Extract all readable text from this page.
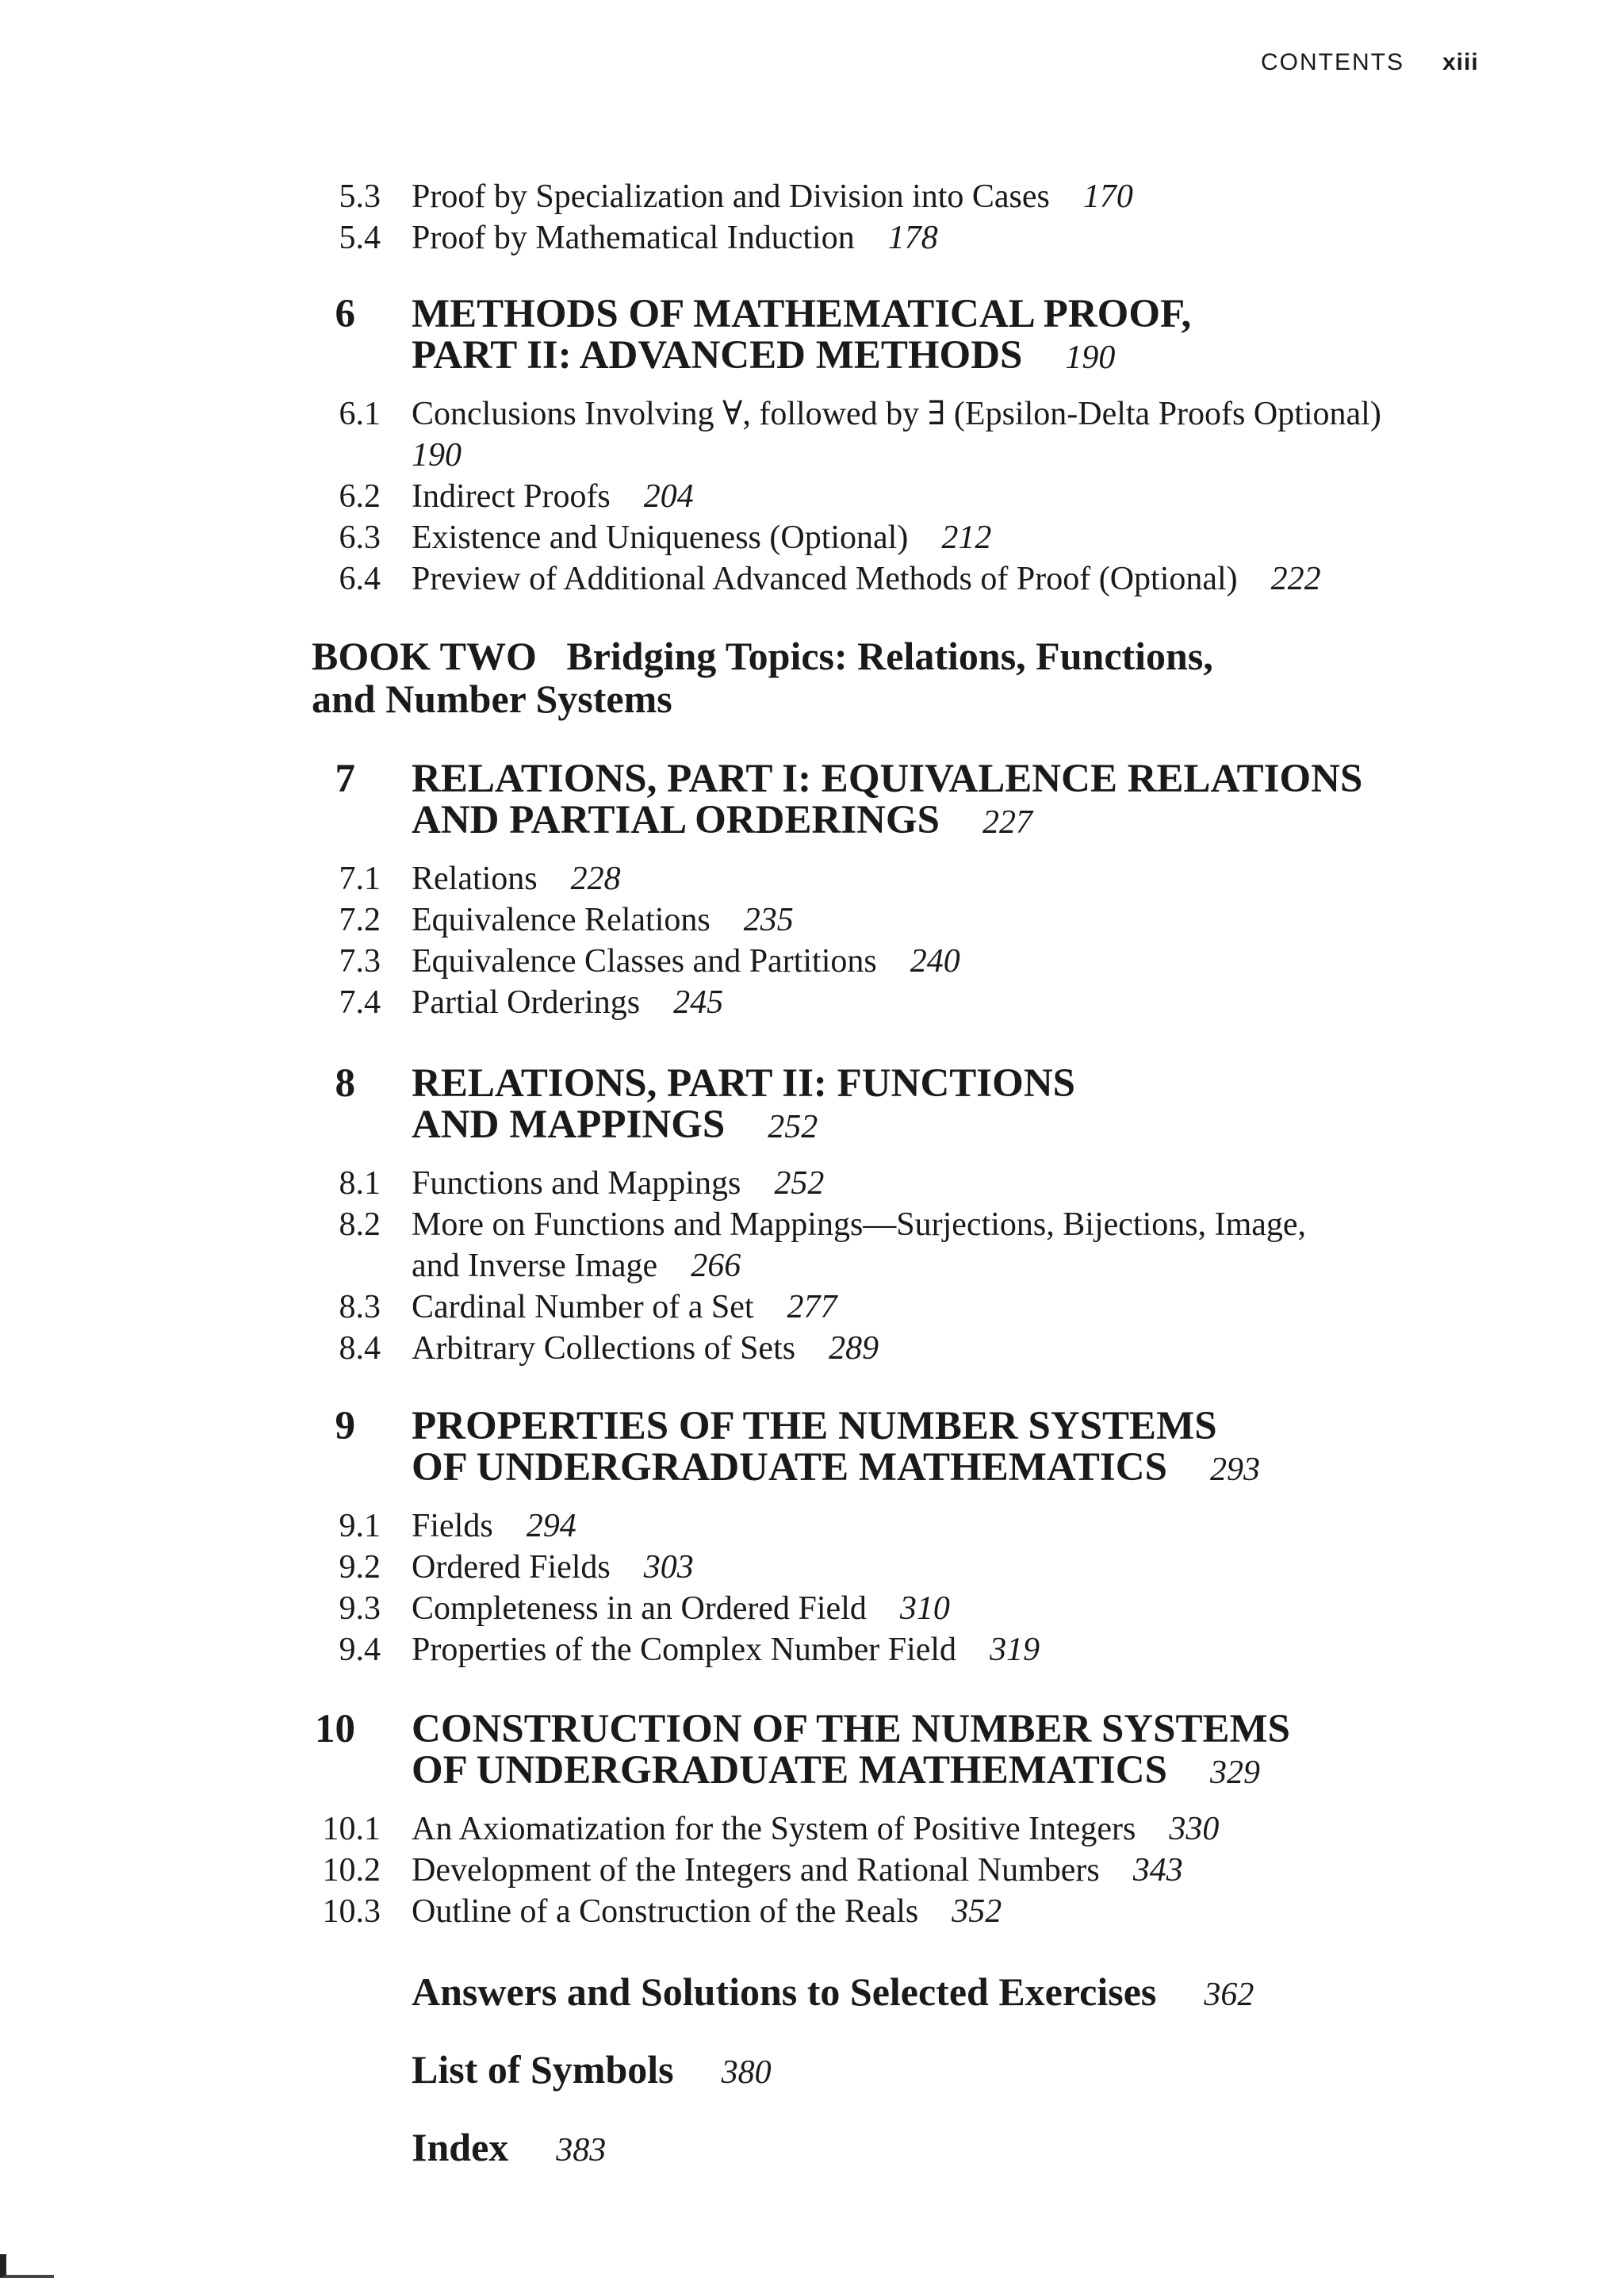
CONTENTS xiii
5.3 Proof by Specialization and Division into Cases 170
5.4 Proof by Mathematical Induction 178
6 METHODS OF MATHEMATICAL PROOF,
PART II: ADVANCED METHODS 190
6.1 Conclusions Involving ∀, followed by ∃ (Epsilon-Delta Proofs Optional)
190
6.2 Indirect Proofs 204
6.3 Existence and Uniqueness (Optional) 212
6.4 Preview of Additional Advanced Methods of Proof (Optional) 222
BOOK TWO   Bridging Topics: Relations, Functions,
and Number Systems
7 RELATIONS, PART I: EQUIVALENCE RELATIONS
AND PARTIAL ORDERINGS 227
7.1 Relations 228
7.2 Equivalence Relations 235
7.3 Equivalence Classes and Partitions 240
7.4 Partial Orderings 245
8 RELATIONS, PART II: FUNCTIONS
AND MAPPINGS 252
8.1 Functions and Mappings 252
8.2 More on Functions and Mappings—Surjections, Bijections, Image,
and Inverse Image 266
8.3 Cardinal Number of a Set 277
8.4 Arbitrary Collections of Sets 289
9 PROPERTIES OF THE NUMBER SYSTEMS
OF UNDERGRADUATE MATHEMATICS 293
9.1 Fields 294
9.2 Ordered Fields 303
9.3 Completeness in an Ordered Field 310
9.4 Properties of the Complex Number Field 319
10 CONSTRUCTION OF THE NUMBER SYSTEMS
OF UNDERGRADUATE MATHEMATICS 329
10.1 An Axiomatization for the System of Positive Integers 330
10.2 Development of the Integers and Rational Numbers 343
10.3 Outline of a Construction of the Reals 352
Answers and Solutions to Selected Exercises 362
List of Symbols 380
Index 383
